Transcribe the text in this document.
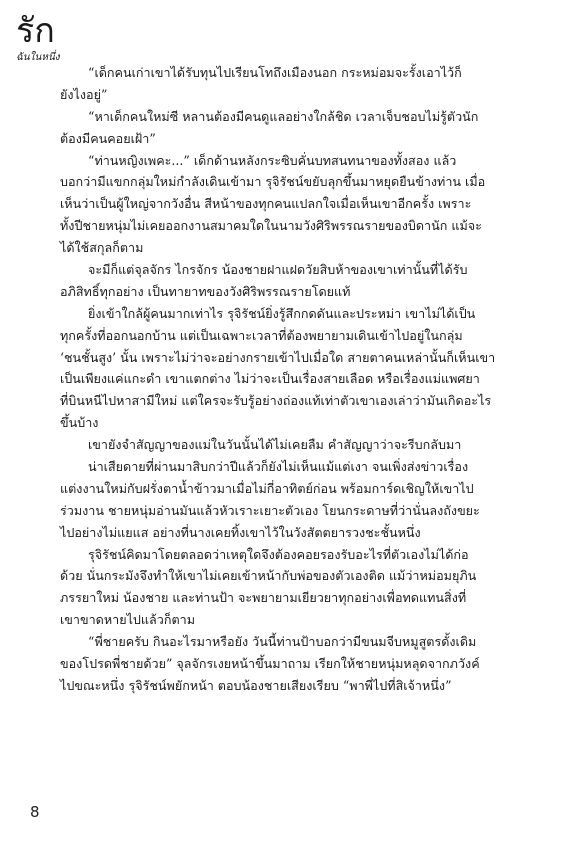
รัก
ฉันในหนึ่ง

“เด็กคนเก่าเขาได้รับทุนไปเรียนโทถึงเมืองนอก กระหม่อมจะรั้งเอาไว้ก็
ยังไงอยู่”

“หาเด็กคนใหม่ซี หลานต้องมีคนดูแลอย่างใกล้ชิด เวลาเจ็บชอบไม่รู้ตัวนัก
ต้องมีคนคอยเฝ้า”

“ท่านหญิงเพคะ...” เด็กด้านหลังกระซิบคั่นบทสนทนาของทั้งสอง แล้ว
บอกว่ามีแขกกลุ่มใหม่กำลังเดินเข้ามา รุจิรัชน์ขยับลุกขึ้นมาหยุดยืนข้างท่าน เมื่อ
เห็นว่าเป็นผู้ใหญ่จากวังอื่น สีหน้าของทุกคนแปลกใจเมื่อเห็นเขาอีกครั้ง เพราะ
ทั้งปีชายหนุ่มไม่เคยออกงานสมาคมใดในนามวังศิริพรรณรายของบิดานัก แม้จะ
ได้ใช้สกุลก็ตาม

จะมีก็แต่จุลจักร ไกรจักร น้องชายฝาแฝดวัยสิบห้าของเขาเท่านั้นที่ได้รับ
อภิสิทธิ์ทุกอย่าง เป็นทายาทของวังศิริพรรณรายโดยแท้

ยิ่งเข้าใกล้ผู้คนมากเท่าไร รุจิรัชน์ยิ่งรู้สึกกดดันและประหม่า เขาไม่ได้เป็น
ทุกครั้งที่ออกนอกบ้าน แต่เป็นเฉพาะเวลาที่ต้องพยายามเดินเข้าไปอยู่ในกลุ่ม
‘ชนชั้นสูง’ นั้น เพราะไม่ว่าจะอย่างกรายเข้าไปเมื่อใด สายตาคนเหล่านั้นก็เห็นเขา
เป็นเพียงแค่แกะดำ เขาแตกต่าง ไม่ว่าจะเป็นเรื่องสายเลือด หรือเรื่องแม่แพศยา
ที่บินหนีไปหาสามีใหม่ แต่ใครจะรับรู้อย่างถ่องแท้เท่าตัวเขาเองเล่าว่ามันเกิดอะไร
ขึ้นบ้าง

เขายังจำสัญญาของแม่ในวันนั้นได้ไม่เคยลืม คำสัญญาว่าจะรีบกลับมา

น่าเสียดายที่ผ่านมาสิบกว่าปีแล้วก็ยังไม่เห็นแม้แต่เงา จนเพิ่งส่งข่าวเรื่อง
แต่งงานใหม่กับฝรั่งตาน้ำข้าวมาเมื่อไม่กี่อาทิตย์ก่อน พร้อมการ์ดเชิญให้เขาไป
ร่วมงาน ชายหนุ่มอ่านมันแล้วหัวเราะเยาะตัวเอง โยนกระดาษที่ว่านั่นลงถังขยะ
ไปอย่างไม่แยแส อย่างที่นางเคยทิ้งเขาไว้ในวังสัตตยารวงชะชั้นหนึ่ง

รุจิรัชน์คิดมาโดยตลอดว่าเหตุใดจึงต้องคอยรองรับอะไรที่ตัวเองไม่ได้ก่อ
ด้วย นั่นกระมังจึงทำให้เขาไม่เคยเข้าหน้ากับพ่อของตัวเองติด แม้ว่าหม่อมยุภิน
ภรรยาใหม่ น้องชาย และท่านป้า จะพยายามเยียวยาทุกอย่างเพื่อทดแทนสิ่งที่
เขาขาดหายไปแล้วก็ตาม

“พี่ชายครับ กินอะไรมาหรือยัง วันนี้ท่านป้าบอกว่ามีขนมจีบหมูสูตรดั้งเดิม
ของโปรดพี่ชายด้วย” จุลจักรเงยหน้าขึ้นมาถาม เรียกให้ชายหนุ่มหลุดจากภวังค์
ไปขณะหนึ่ง รุจิรัชน์พยักหน้า ตอบน้องชายเสียงเรียบ “พาพี่ไปที่สิเจ้าหนึ่ง”

8
